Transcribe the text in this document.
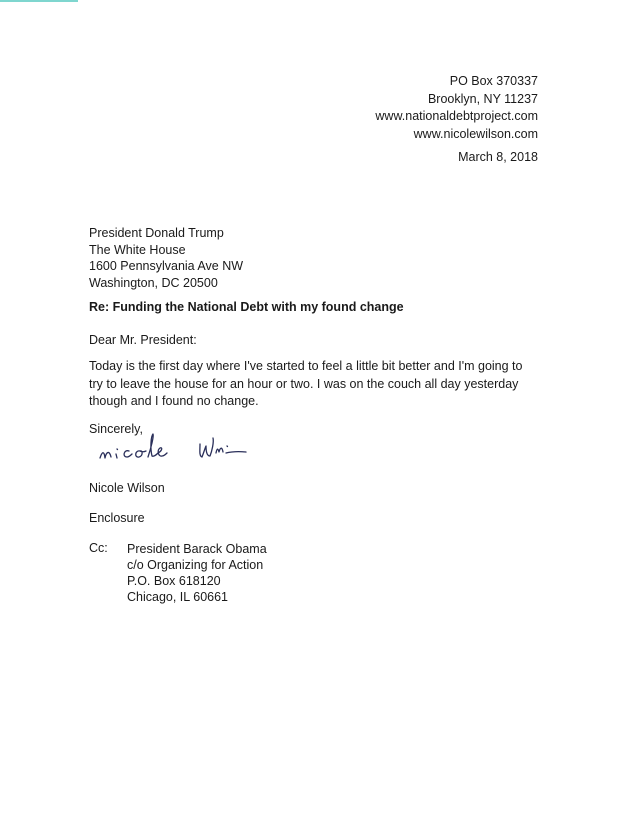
PO Box 370337
Brooklyn, NY 11237
www.nationaldebtproject.com
www.nicolewilson.com
March 8, 2018
President Donald Trump
The White House
1600 Pennsylvania Ave NW
Washington, DC 20500
Re: Funding the National Debt with my found change
Dear Mr. President:
Today is the first day where I've started to feel a little bit better and I'm going to
try to leave the house for an hour or two. I was on the couch all day yesterday
though and I found no change.
Sincerely,
Nicole Wilson
Enclosure
Cc: President Barack Obama
c/o Organizing for Action
P.O. Box 618120
Chicago, IL 60661
